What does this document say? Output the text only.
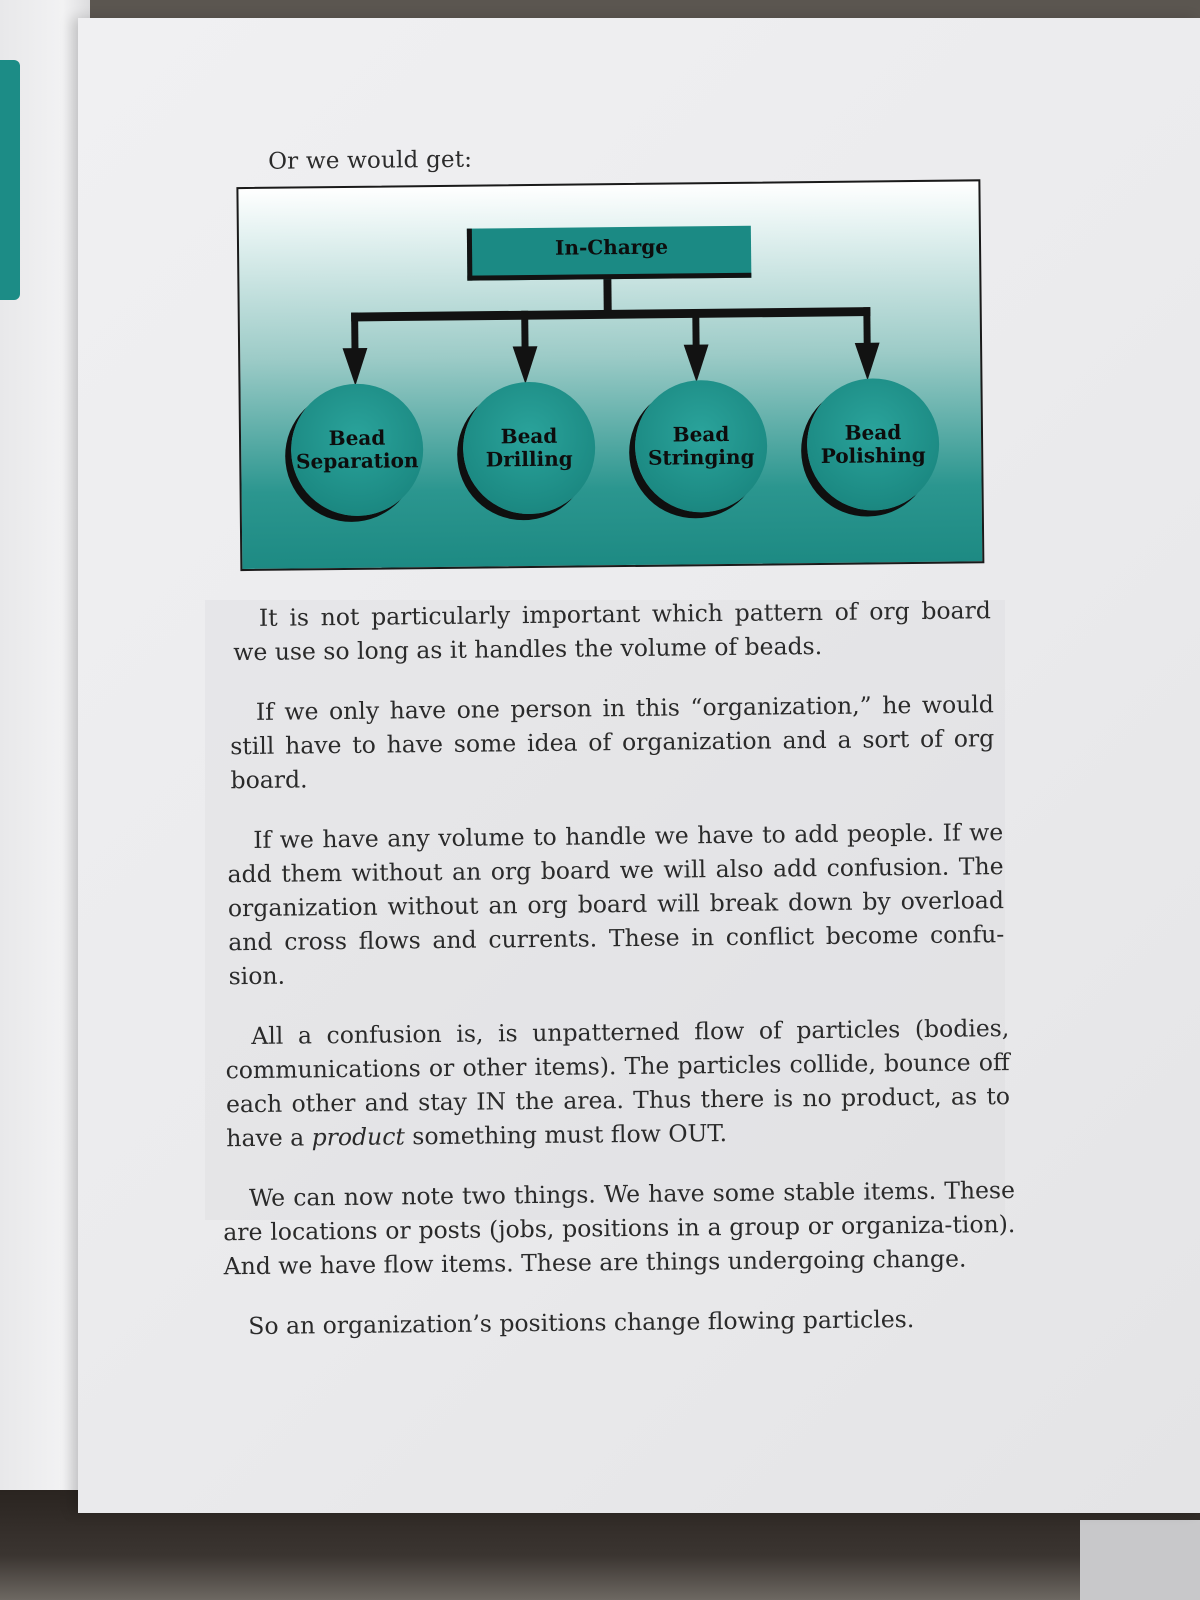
Or we would get:

In-Charge
Bead
Separation
Bead
Drilling
Bead
Stringing
Bead
Polishing

It is not particularly important which pattern of org board we use so long as it handles the volume of beads.

If we only have one person in this “organization,” he would still have to have some idea of organization and a sort of org board.

If we have any volume to handle we have to add people. If we add them without an org board we will also add confusion. The organization without an org board will break down by overload and cross flows and currents. These in conflict become confu-sion.

All a confusion is, is unpatterned flow of particles (bodies, communications or other items). The particles collide, bounce off each other and stay IN the area. Thus there is no product, as to have a product something must flow OUT.

We can now note two things. We have some stable items. These are locations or posts (jobs, positions in a group or organiza-tion). And we have flow items. These are things undergoing change.

So an organization’s positions change flowing particles.
